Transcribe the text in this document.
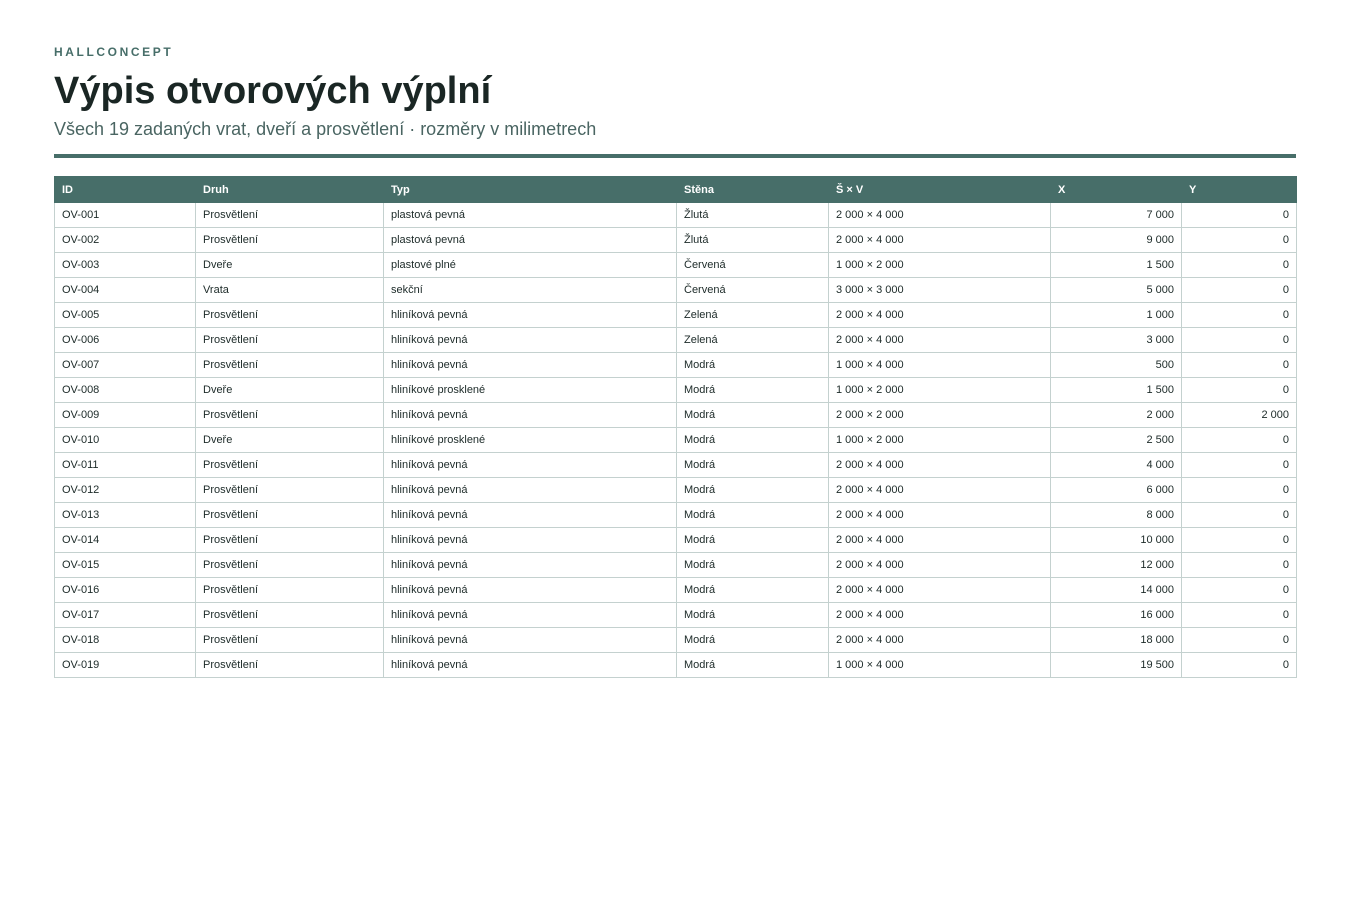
HALLCONCEPT
Výpis otvorových výplní
Všech 19 zadaných vrat, dveří a prosvětlení · rozměry v milimetrech
ID	Druh	Typ	Stěna	Š × V	X	Y
OV-001	Prosvětlení	plastová pevná	Žlutá	2 000 × 4 000	7 000	0
OV-002	Prosvětlení	plastová pevná	Žlutá	2 000 × 4 000	9 000	0
OV-003	Dveře	plastové plné	Červená	1 000 × 2 000	1 500	0
OV-004	Vrata	sekční	Červená	3 000 × 3 000	5 000	0
OV-005	Prosvětlení	hliníková pevná	Zelená	2 000 × 4 000	1 000	0
OV-006	Prosvětlení	hliníková pevná	Zelená	2 000 × 4 000	3 000	0
OV-007	Prosvětlení	hliníková pevná	Modrá	1 000 × 4 000	500	0
OV-008	Dveře	hliníkové prosklené	Modrá	1 000 × 2 000	1 500	0
OV-009	Prosvětlení	hliníková pevná	Modrá	2 000 × 2 000	2 000	2 000
OV-010	Dveře	hliníkové prosklené	Modrá	1 000 × 2 000	2 500	0
OV-011	Prosvětlení	hliníková pevná	Modrá	2 000 × 4 000	4 000	0
OV-012	Prosvětlení	hliníková pevná	Modrá	2 000 × 4 000	6 000	0
OV-013	Prosvětlení	hliníková pevná	Modrá	2 000 × 4 000	8 000	0
OV-014	Prosvětlení	hliníková pevná	Modrá	2 000 × 4 000	10 000	0
OV-015	Prosvětlení	hliníková pevná	Modrá	2 000 × 4 000	12 000	0
OV-016	Prosvětlení	hliníková pevná	Modrá	2 000 × 4 000	14 000	0
OV-017	Prosvětlení	hliníková pevná	Modrá	2 000 × 4 000	16 000	0
OV-018	Prosvětlení	hliníková pevná	Modrá	2 000 × 4 000	18 000	0
OV-019	Prosvětlení	hliníková pevná	Modrá	1 000 × 4 000	19 500	0
